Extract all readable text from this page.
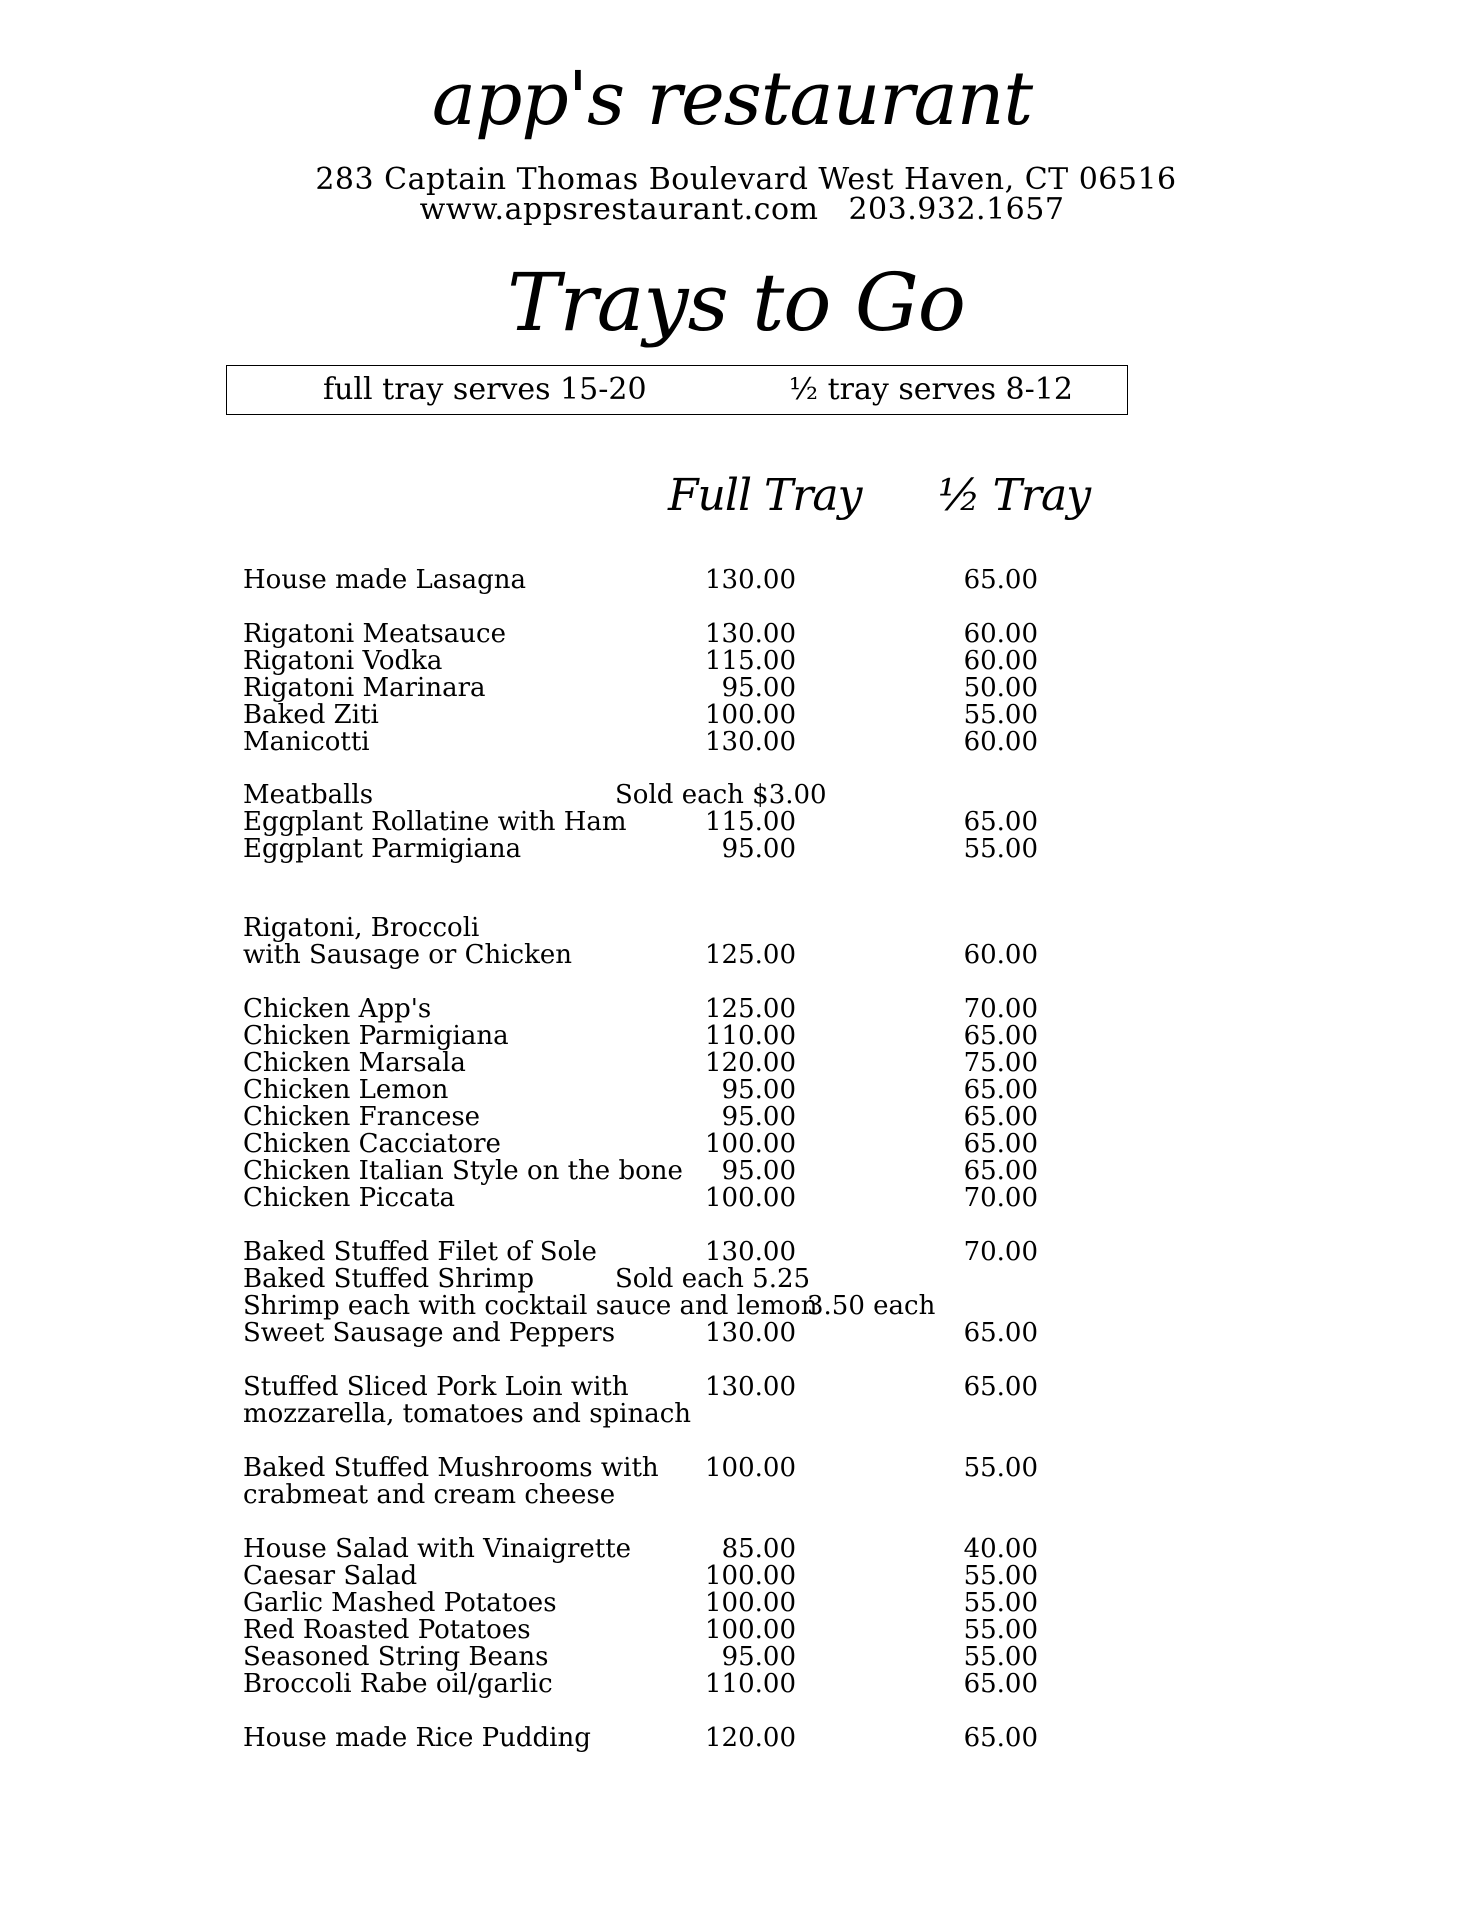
app's restaurant
283 Captain Thomas Boulevard West Haven, CT 06516
www.appsrestaurant.com 203.932.1657
Trays to Go
full tray serves 15-20	½ tray serves 8-12
Full Tray ½ Tray
House made Lasagna	130.00	65.00
Rigatoni Meatsauce	130.00	60.00
Rigatoni Vodka	115.00	60.00
Rigatoni Marinara	95.00	50.00
Baked Ziti	100.00	55.00
Manicotti	130.00	60.00
Meatballs	Sold each $3.00
Eggplant Rollatine with Ham	115.00	65.00
Eggplant Parmigiana	95.00	55.00
Rigatoni, Broccoli
with Sausage or Chicken	125.00	60.00
Chicken App's	125.00	70.00
Chicken Parmigiana	110.00	65.00
Chicken Marsala	120.00	75.00
Chicken Lemon	95.00	65.00
Chicken Francese	95.00	65.00
Chicken Cacciatore	100.00	65.00
Chicken Italian Style on the bone 95.00	65.00
Chicken Piccata	100.00	70.00
Baked Stuffed Filet of Sole	130.00	70.00
Baked Stuffed Shrimp	Sold each 5.25
Shrimp each with cocktail sauce and lemon
3.50 each
Sweet Sausage and Peppers	130.00	65.00
Stuffed Sliced Pork Loin with	130.00	65.00
mozzarella, tomatoes and spinach
Baked Stuffed Mushrooms with 100.00	55.00
crabmeat and cream cheese
House Salad with Vinaigrette	85.00	40.00
Caesar Salad	100.00	55.00
Garlic Mashed Potatoes	100.00	55.00
Red Roasted Potatoes	100.00	55.00
Seasoned String Beans	95.00	55.00
Broccoli Rabe oil/garlic	110.00	65.00
House made Rice Pudding	120.00	65.00
